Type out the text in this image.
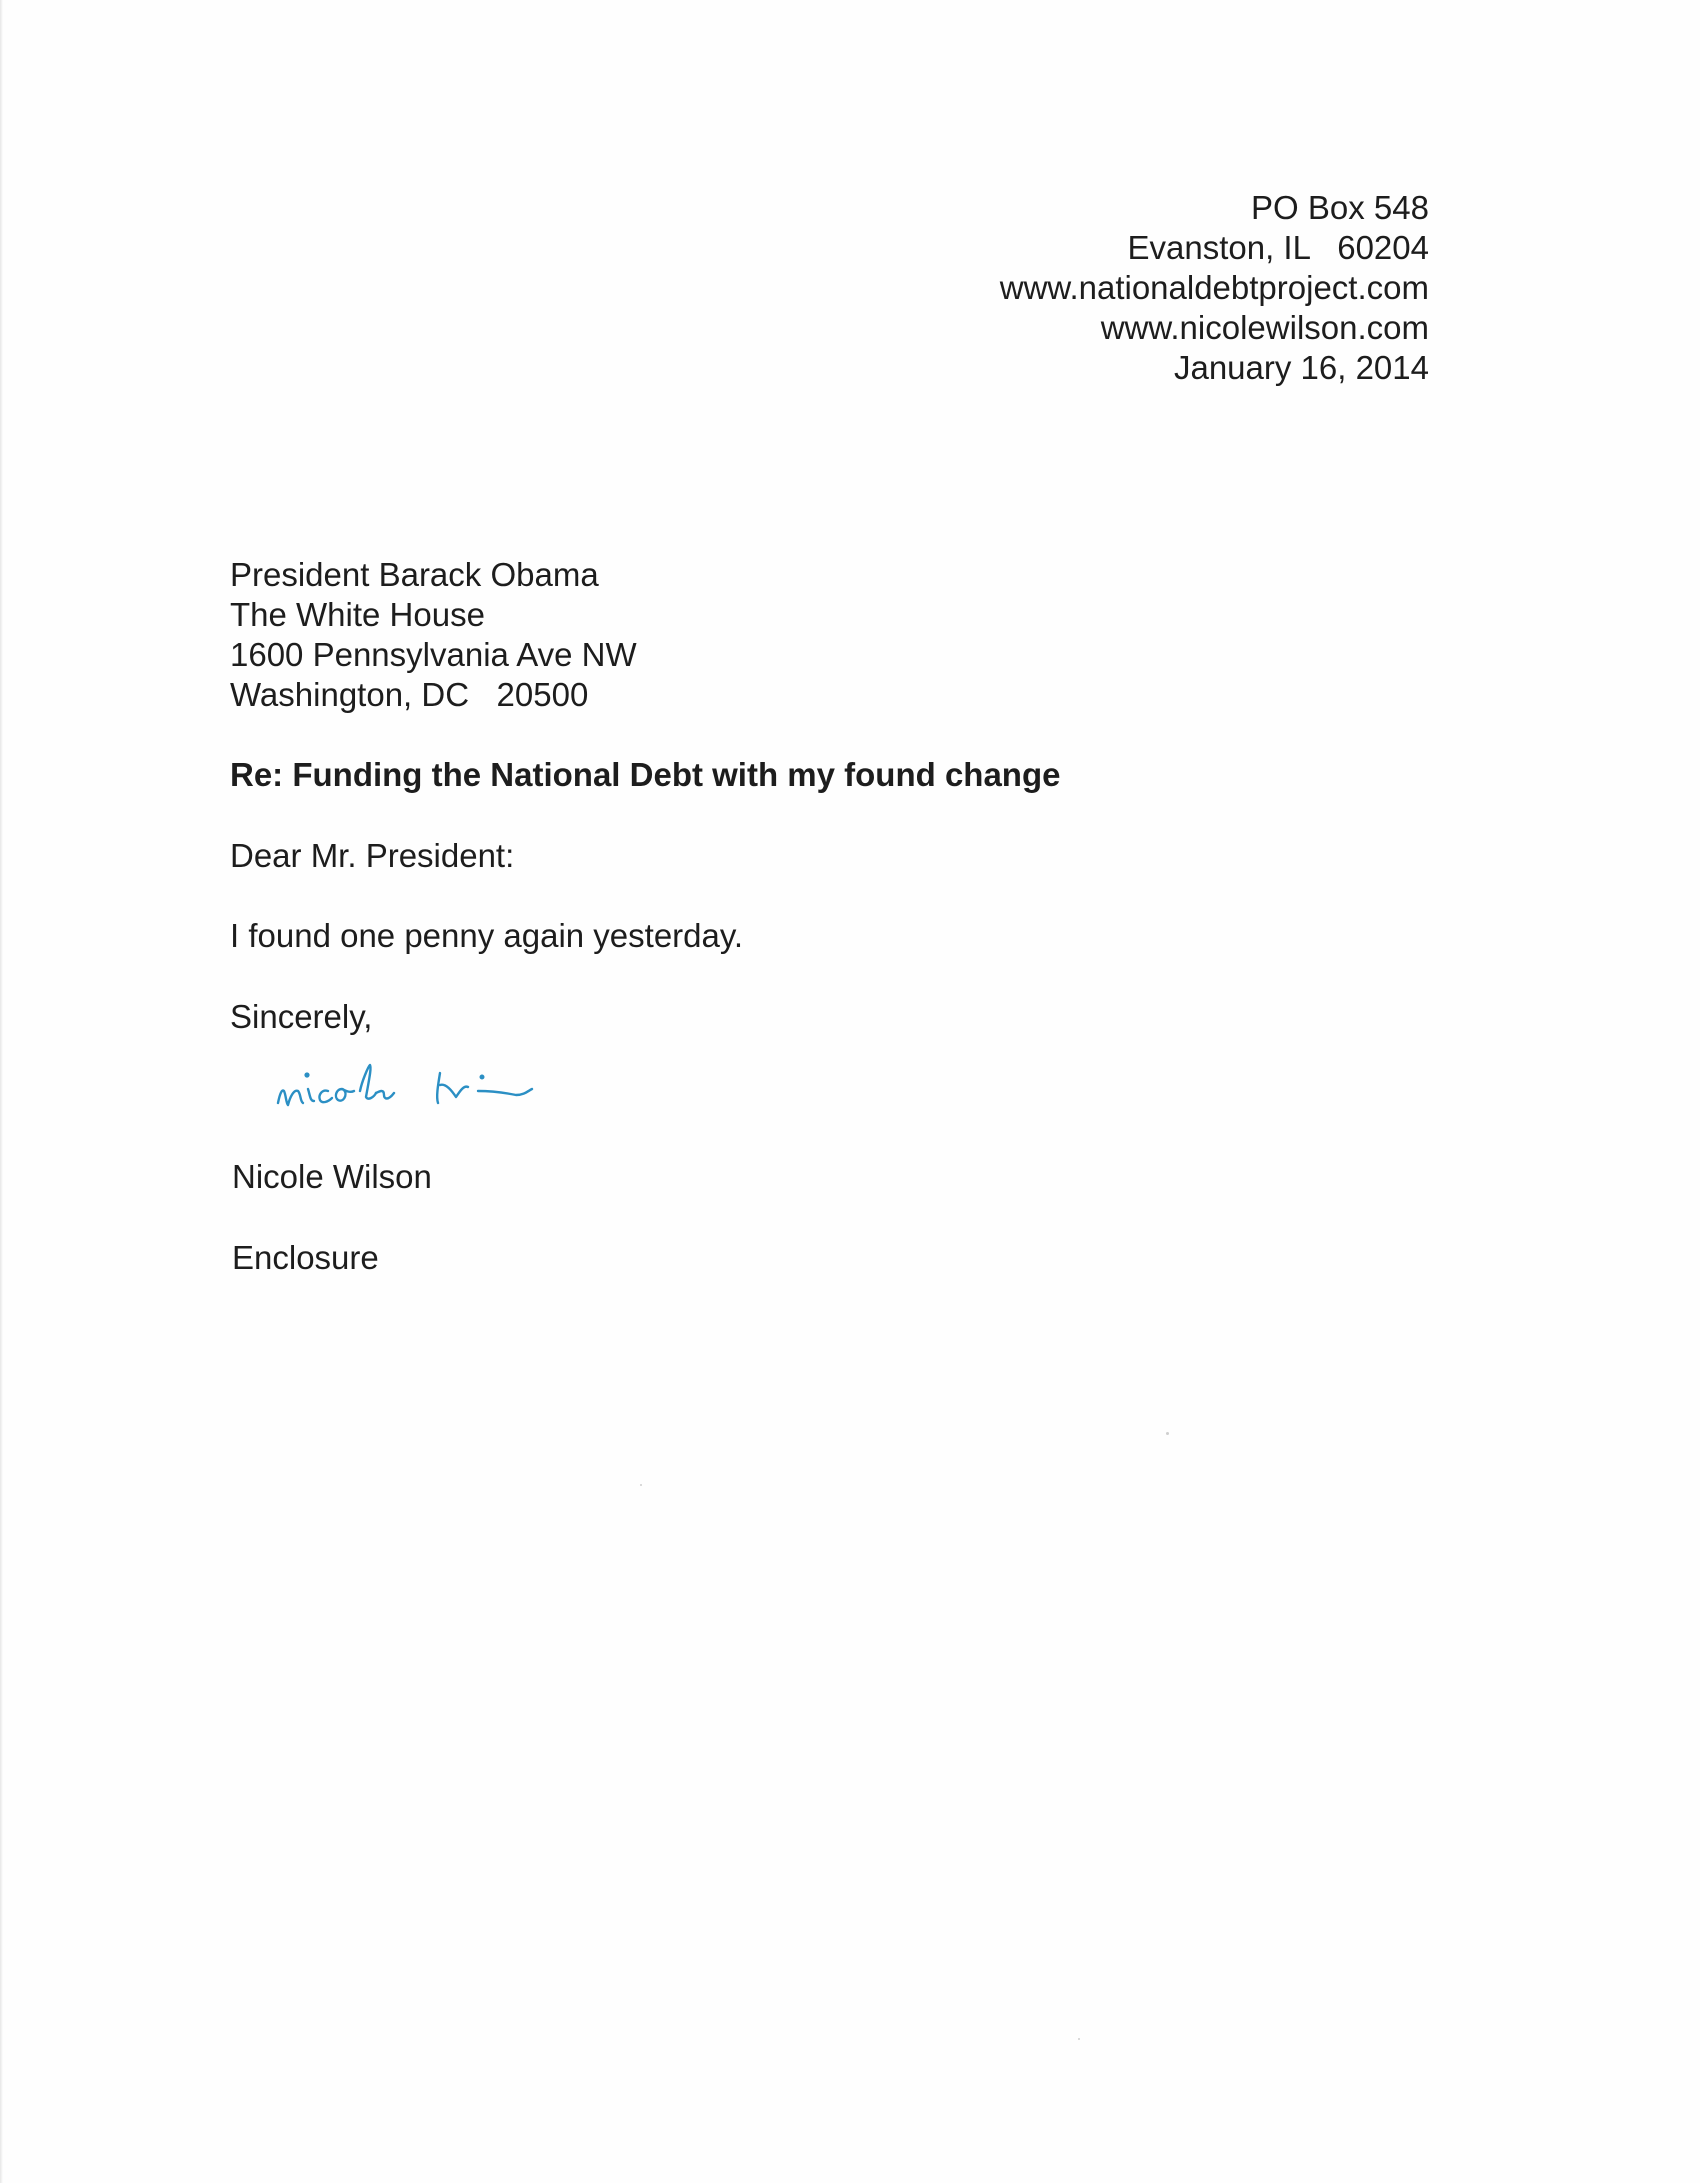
PO Box 548
Evanston, IL   60204
www.nationaldebtproject.com
www.nicolewilson.com
January 16, 2014
President Barack Obama
The White House
1600 Pennsylvania Ave NW
Washington, DC   20500
Re: Funding the National Debt with my found change
Dear Mr. President:
I found one penny again yesterday.
Sincerely,
Nicole Wilson
Enclosure
